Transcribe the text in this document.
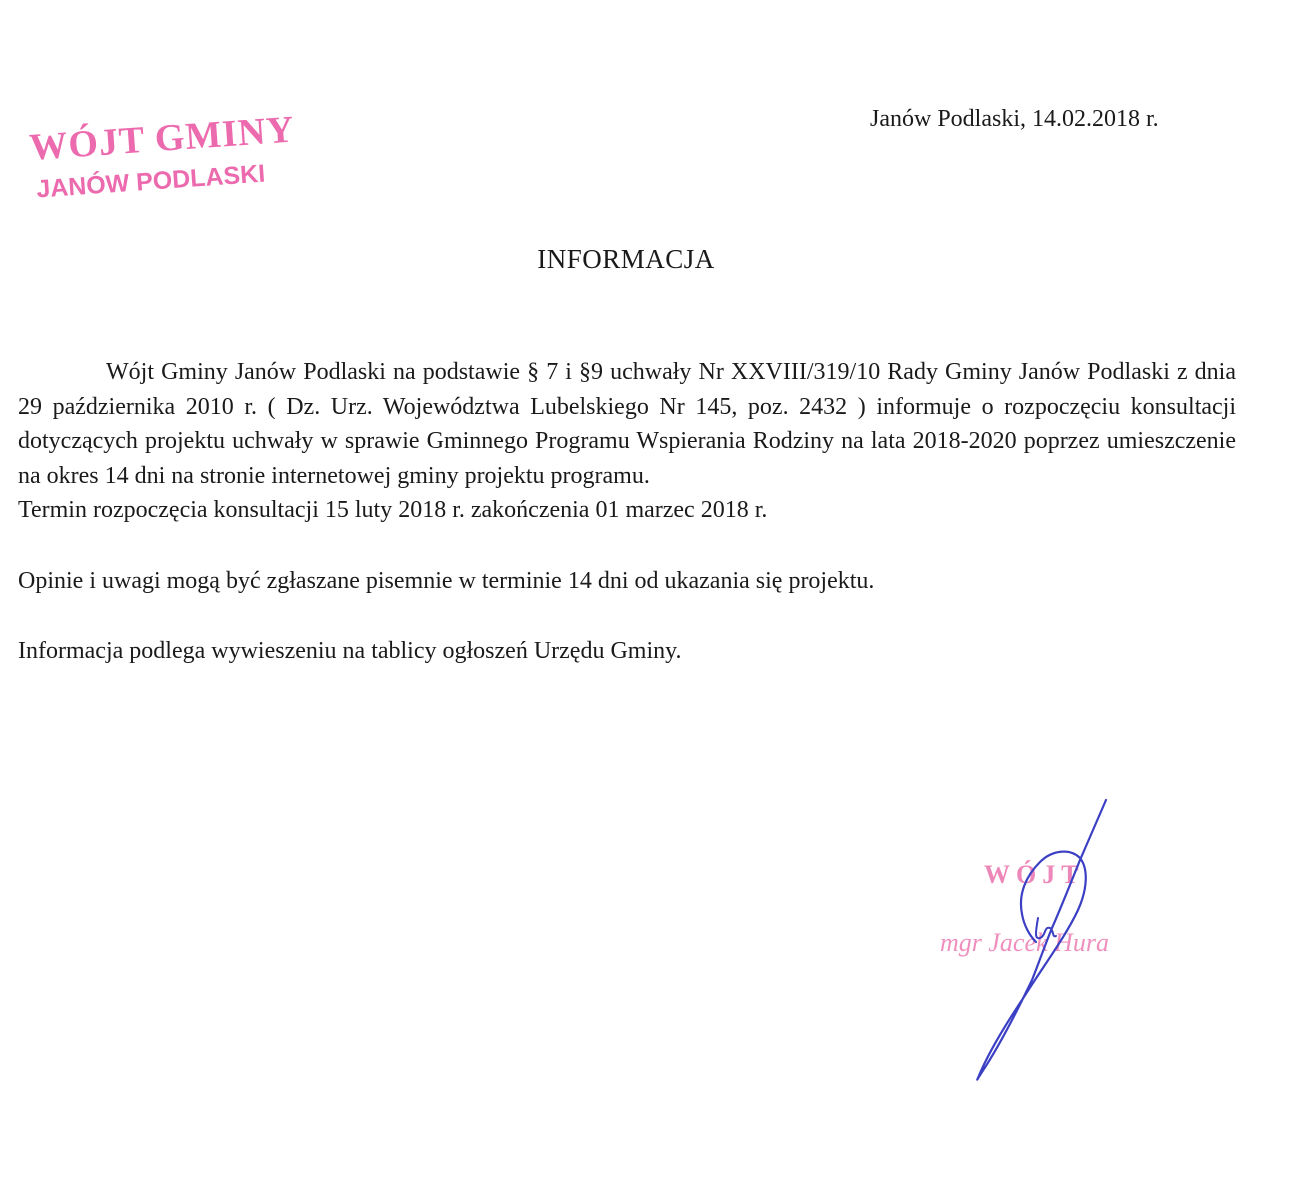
WÓJT GMINY
JANÓW PODLASKI
Janów Podlaski, 14.02.2018 r.
INFORMACJA

Wójt Gminy Janów Podlaski na podstawie § 7 i §9 uchwały Nr XXVIII/319/10 Rady Gminy Janów Podlaski z dnia 29 października 2010 r. ( Dz. Urz. Województwa Lubelskiego Nr 145, poz. 2432 ) informuje o rozpoczęciu konsultacji dotyczących projektu uchwały w sprawie Gminnego Programu Wspierania Rodziny na lata 2018-2020 poprzez umieszczenie na okres 14 dni na stronie internetowej gminy projektu programu.

Termin rozpoczęcia konsultacji 15 luty 2018 r. zakończenia 01 marzec 2018 r.

Opinie i uwagi mogą być zgłaszane pisemnie w terminie 14 dni od ukazania się projektu.

Informacja podlega wywieszeniu na tablicy ogłoszeń Urzędu Gminy.

WÓJT
mgr Jacek Hura
